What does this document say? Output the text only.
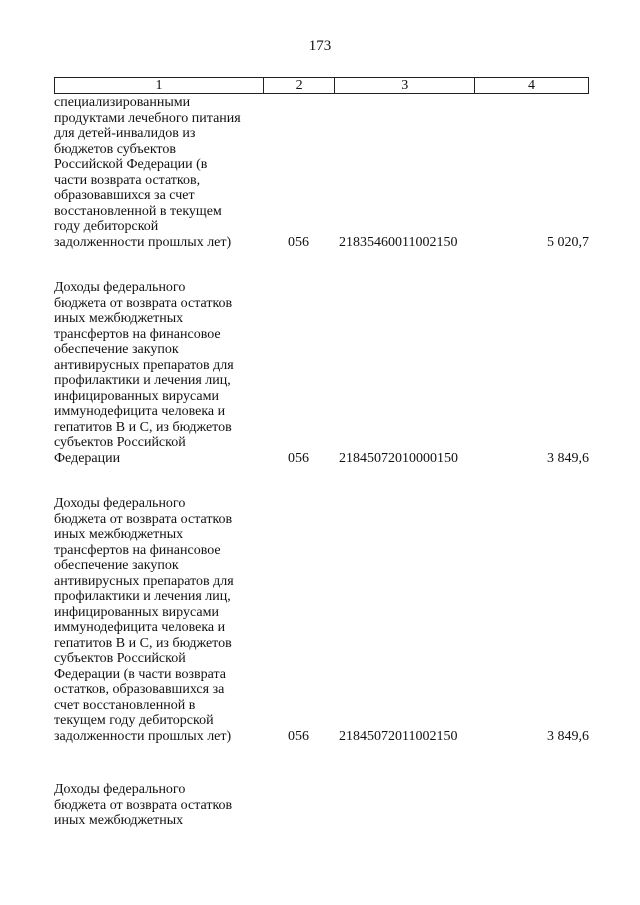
173
1	2	3	4
специализированными
продуктами лечебного питания
для детей-инвалидов из
бюджетов субъектов
Российской Федерации (в
части возврата остатков,
образовавшихся за счет
восстановленной в текущем
году дебиторской
задолженности прошлых лет)	056 21835460011002150	5 020,7
Доходы федерального
бюджета от возврата остатков
иных межбюджетных
трансфертов на финансовое
обеспечение закупок
антивирусных препаратов для
профилактики и лечения лиц,
инфицированных вирусами
иммунодефицита человека и
гепатитов B и C, из бюджетов
субъектов Российской
Федерации	056 21845072010000150	3 849,6
Доходы федерального
бюджета от возврата остатков
иных межбюджетных
трансфертов на финансовое
обеспечение закупок
антивирусных препаратов для
профилактики и лечения лиц,
инфицированных вирусами
иммунодефицита человека и
гепатитов B и C, из бюджетов
субъектов Российской
Федерации (в части возврата
остатков, образовавшихся за
счет восстановленной в
текущем году дебиторской
задолженности прошлых лет)	056 21845072011002150	3 849,6
Доходы федерального
бюджета от возврата остатков
иных межбюджетных
